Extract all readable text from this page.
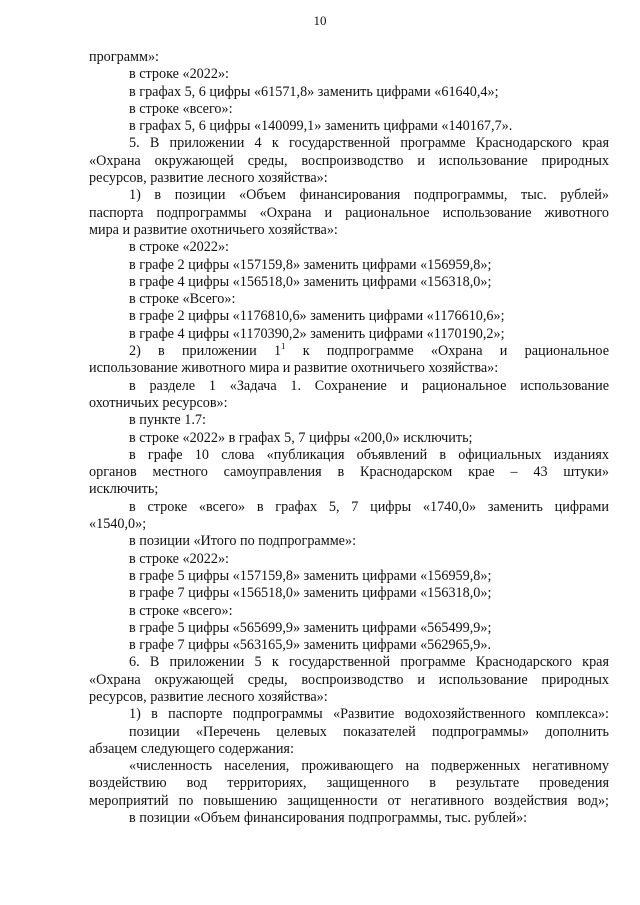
10
программ»:
в строке «2022»:
в графах 5, 6 цифры «61571,8» заменить цифрами «61640,4»;
в строке «всего»:
в графах 5, 6 цифры «140099,1» заменить цифрами «140167,7».
5. В приложении 4 к государственной программе Краснодарского края
«Охрана окружающей среды, воспроизводство и использование природных
ресурсов, развитие лесного хозяйства»:
1) в позиции «Объем финансирования подпрограммы, тыс. рублей»
паспорта подпрограммы «Охрана и рациональное использование животного
мира и развитие охотничьего хозяйства»:
в строке «2022»:
в графе 2 цифры «157159,8» заменить цифрами «156959,8»;
в графе 4 цифры «156518,0» заменить цифрами «156318,0»;
в строке «Всего»:
в графе 2 цифры «1176810,6» заменить цифрами «1176610,6»;
в графе 4 цифры «1170390,2» заменить цифрами «1170190,2»;
2) в приложении $1^1$ к подпрограмме «Охрана и рациональное
использование животного мира и развитие охотничьего хозяйства»:
в разделе 1 «Задача 1. Сохранение и рациональное использование
охотничьих ресурсов»:
в пункте 1.7:
в строке «2022» в графах 5, 7 цифры «200,0» исключить;
в графе 10 слова «публикация объявлений в официальных изданиях
органов местного самоуправления в Краснодарском крае – 43 штуки»
исключить;
в строке «всего» в графах 5, 7 цифры «1740,0» заменить цифрами
«1540,0»;
в позиции «Итого по подпрограмме»:
в строке «2022»:
в графе 5 цифры «157159,8» заменить цифрами «156959,8»;
в графе 7 цифры «156518,0» заменить цифрами «156318,0»;
в строке «всего»:
в графе 5 цифры «565699,9» заменить цифрами «565499,9»;
в графе 7 цифры «563165,9» заменить цифрами «562965,9».
6. В приложении 5 к государственной программе Краснодарского края
«Охрана окружающей среды, воспроизводство и использование природных
ресурсов, развитие лесного хозяйства»:
1) в паспорте подпрограммы «Развитие водохозяйственного комплекса»:
позиции «Перечень целевых показателей подпрограммы» дополнить
абзацем следующего содержания:
«численность населения, проживающего на подверженных негативному
воздействию вод территориях, защищенного в результате проведения
мероприятий по повышению защищенности от негативного воздействия вод»;
в позиции «Объем финансирования подпрограммы, тыс. рублей»:
